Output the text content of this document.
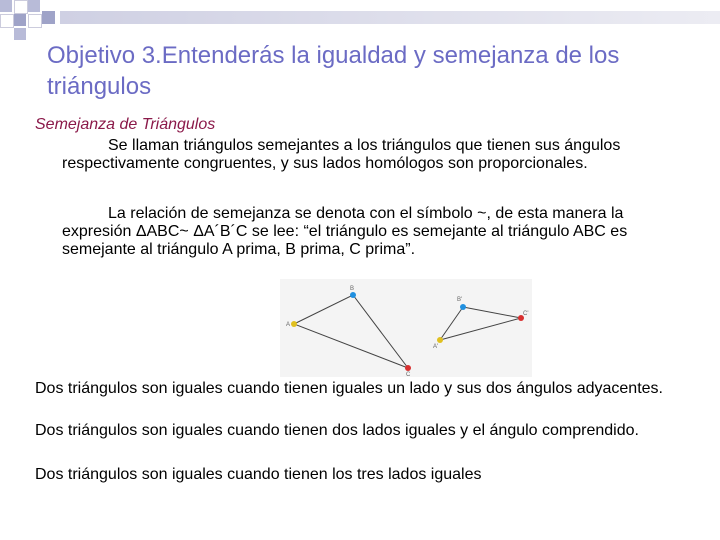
Objetivo 3.Entenderás la igualdad y semejanza de los triángulos
Semejanza de Triángulos

Se llaman triángulos semejantes a los triángulos que tienen sus ángulos respectivamente congruentes, y sus lados homólogos son proporcionales.

La relación de semejanza se denota con el símbolo ~, de esta manera la expresión ΔABC~ ΔA´B´C se lee: “el triángulo es semejante al triángulo ABC es semejante al triángulo A prima, B prima, C prima”.

A
B
C
A'
B'
C'

Dos triángulos son iguales cuando tienen iguales un lado y sus dos ángulos adyacentes.

Dos triángulos son iguales cuando tienen dos lados iguales y el ángulo comprendido.

Dos triángulos son iguales cuando tienen los tres lados iguales
